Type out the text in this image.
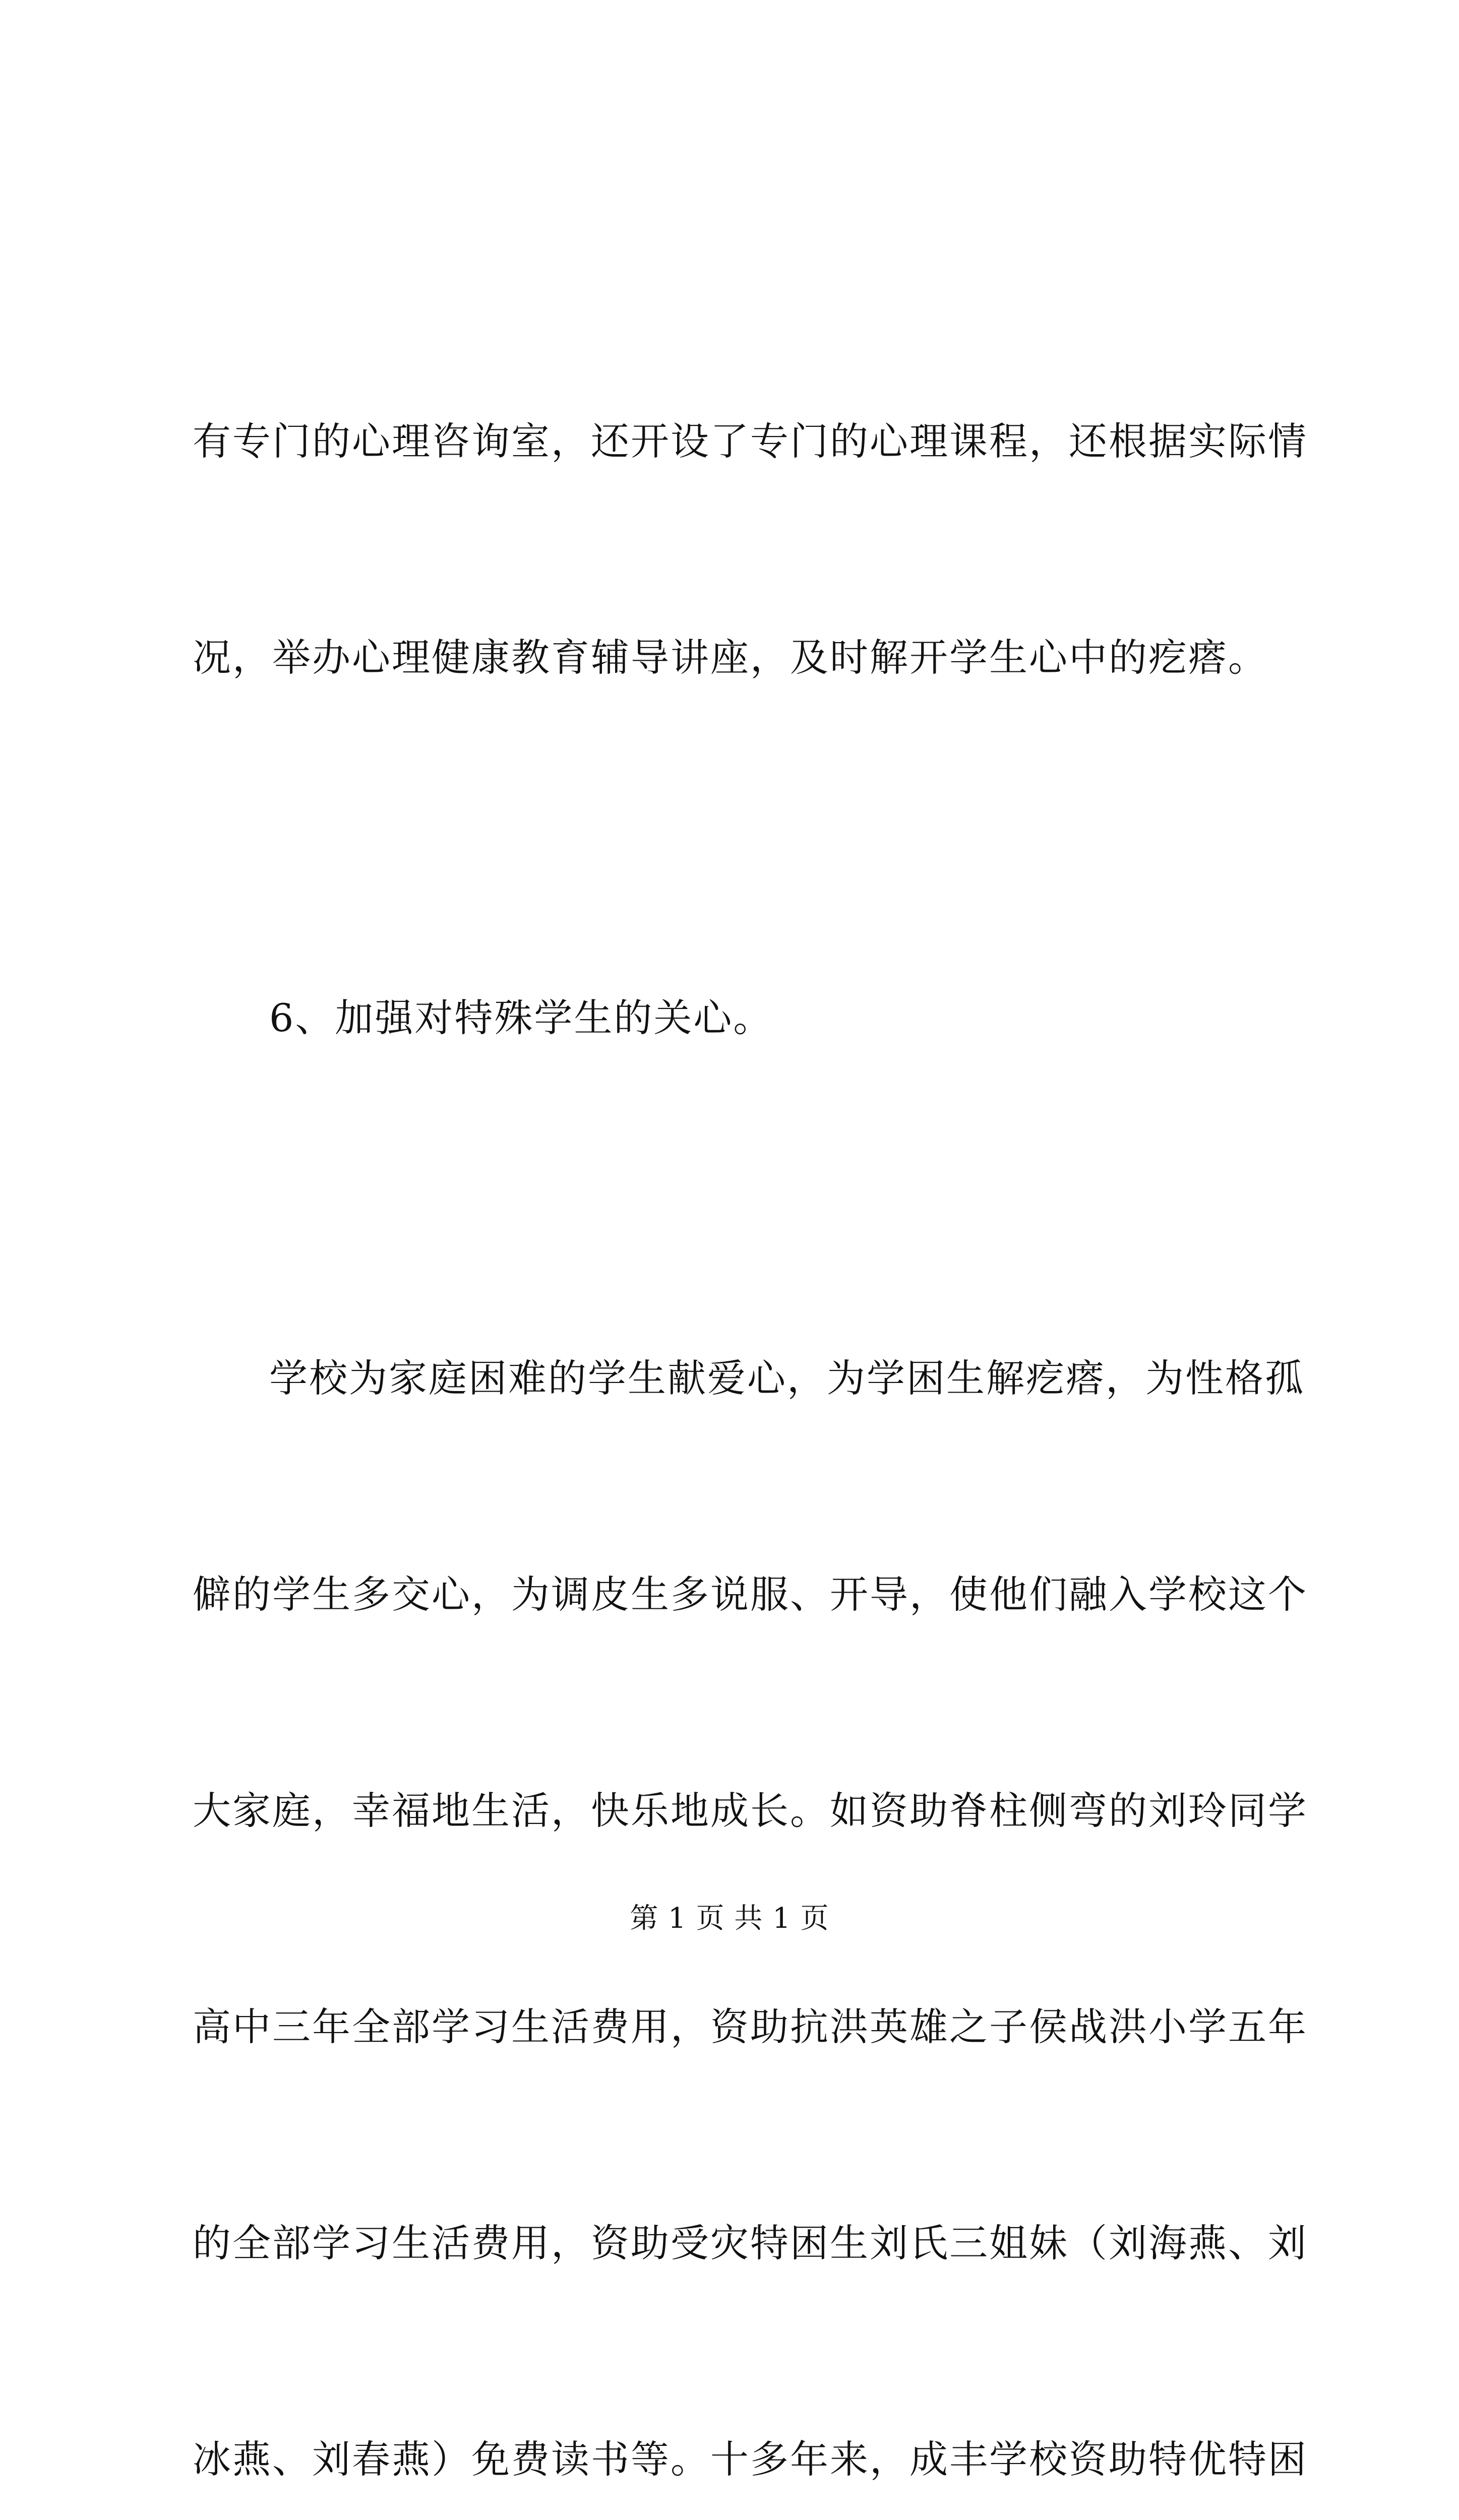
有专门的心理咨询室，还开设了专门的心理课程，还根据实际情

况，举办心理健康教育辅导讲座，及时解开学生心中的疙瘩。

6、加强对特殊学生的关心。

学校为家庭困难的学生献爱心，为学困生解疙瘩，为性格孤

僻的学生多交心，为调皮生多说服、开导，使他们融入学校这个

大家庭，幸福地生活，快乐地成长。如资助脊柱侧弯的刘玲同学

高中三年全部学习生活费用，资助抗洪英雄之子侯战洪小学五年

的全部学习生活费用，资助受灾特困生刘氏三姐妹（刘海燕、刘

冰燕、刘春燕）免费读书等。十多年来，成丰学校资助特优特困

第 1 页 共 1 页
